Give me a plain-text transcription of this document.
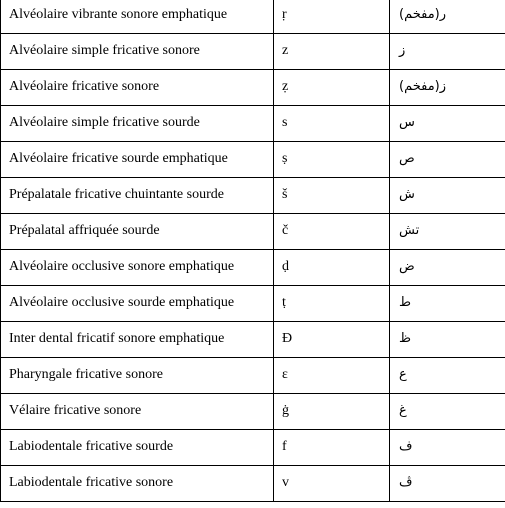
Alvéolaire vibrante sonore emphatique	ṛ	ر(مفخم)
Alvéolaire simple fricative sonore	z	ز
Alvéolaire fricative sonore	ẓ	ز(مفخم)
Alvéolaire simple fricative sourde	s	س
Alvéolaire fricative sourde emphatique	ṣ	ص
Prépalatale fricative chuintante sourde	š	ش
Prépalatal affriquée sourde	č	تش
Alvéolaire occlusive sonore emphatique	ḍ	ض
Alvéolaire occlusive sourde emphatique	ṭ	ط
Inter dental fricatif sonore emphatique	Đ	ظ
Pharyngale fricative sonore	ɛ	ع
Vélaire fricative sonore	ġ	غ
Labiodentale fricative sourde	f	ف
Labiodentale fricative sonore	v	ڤ
